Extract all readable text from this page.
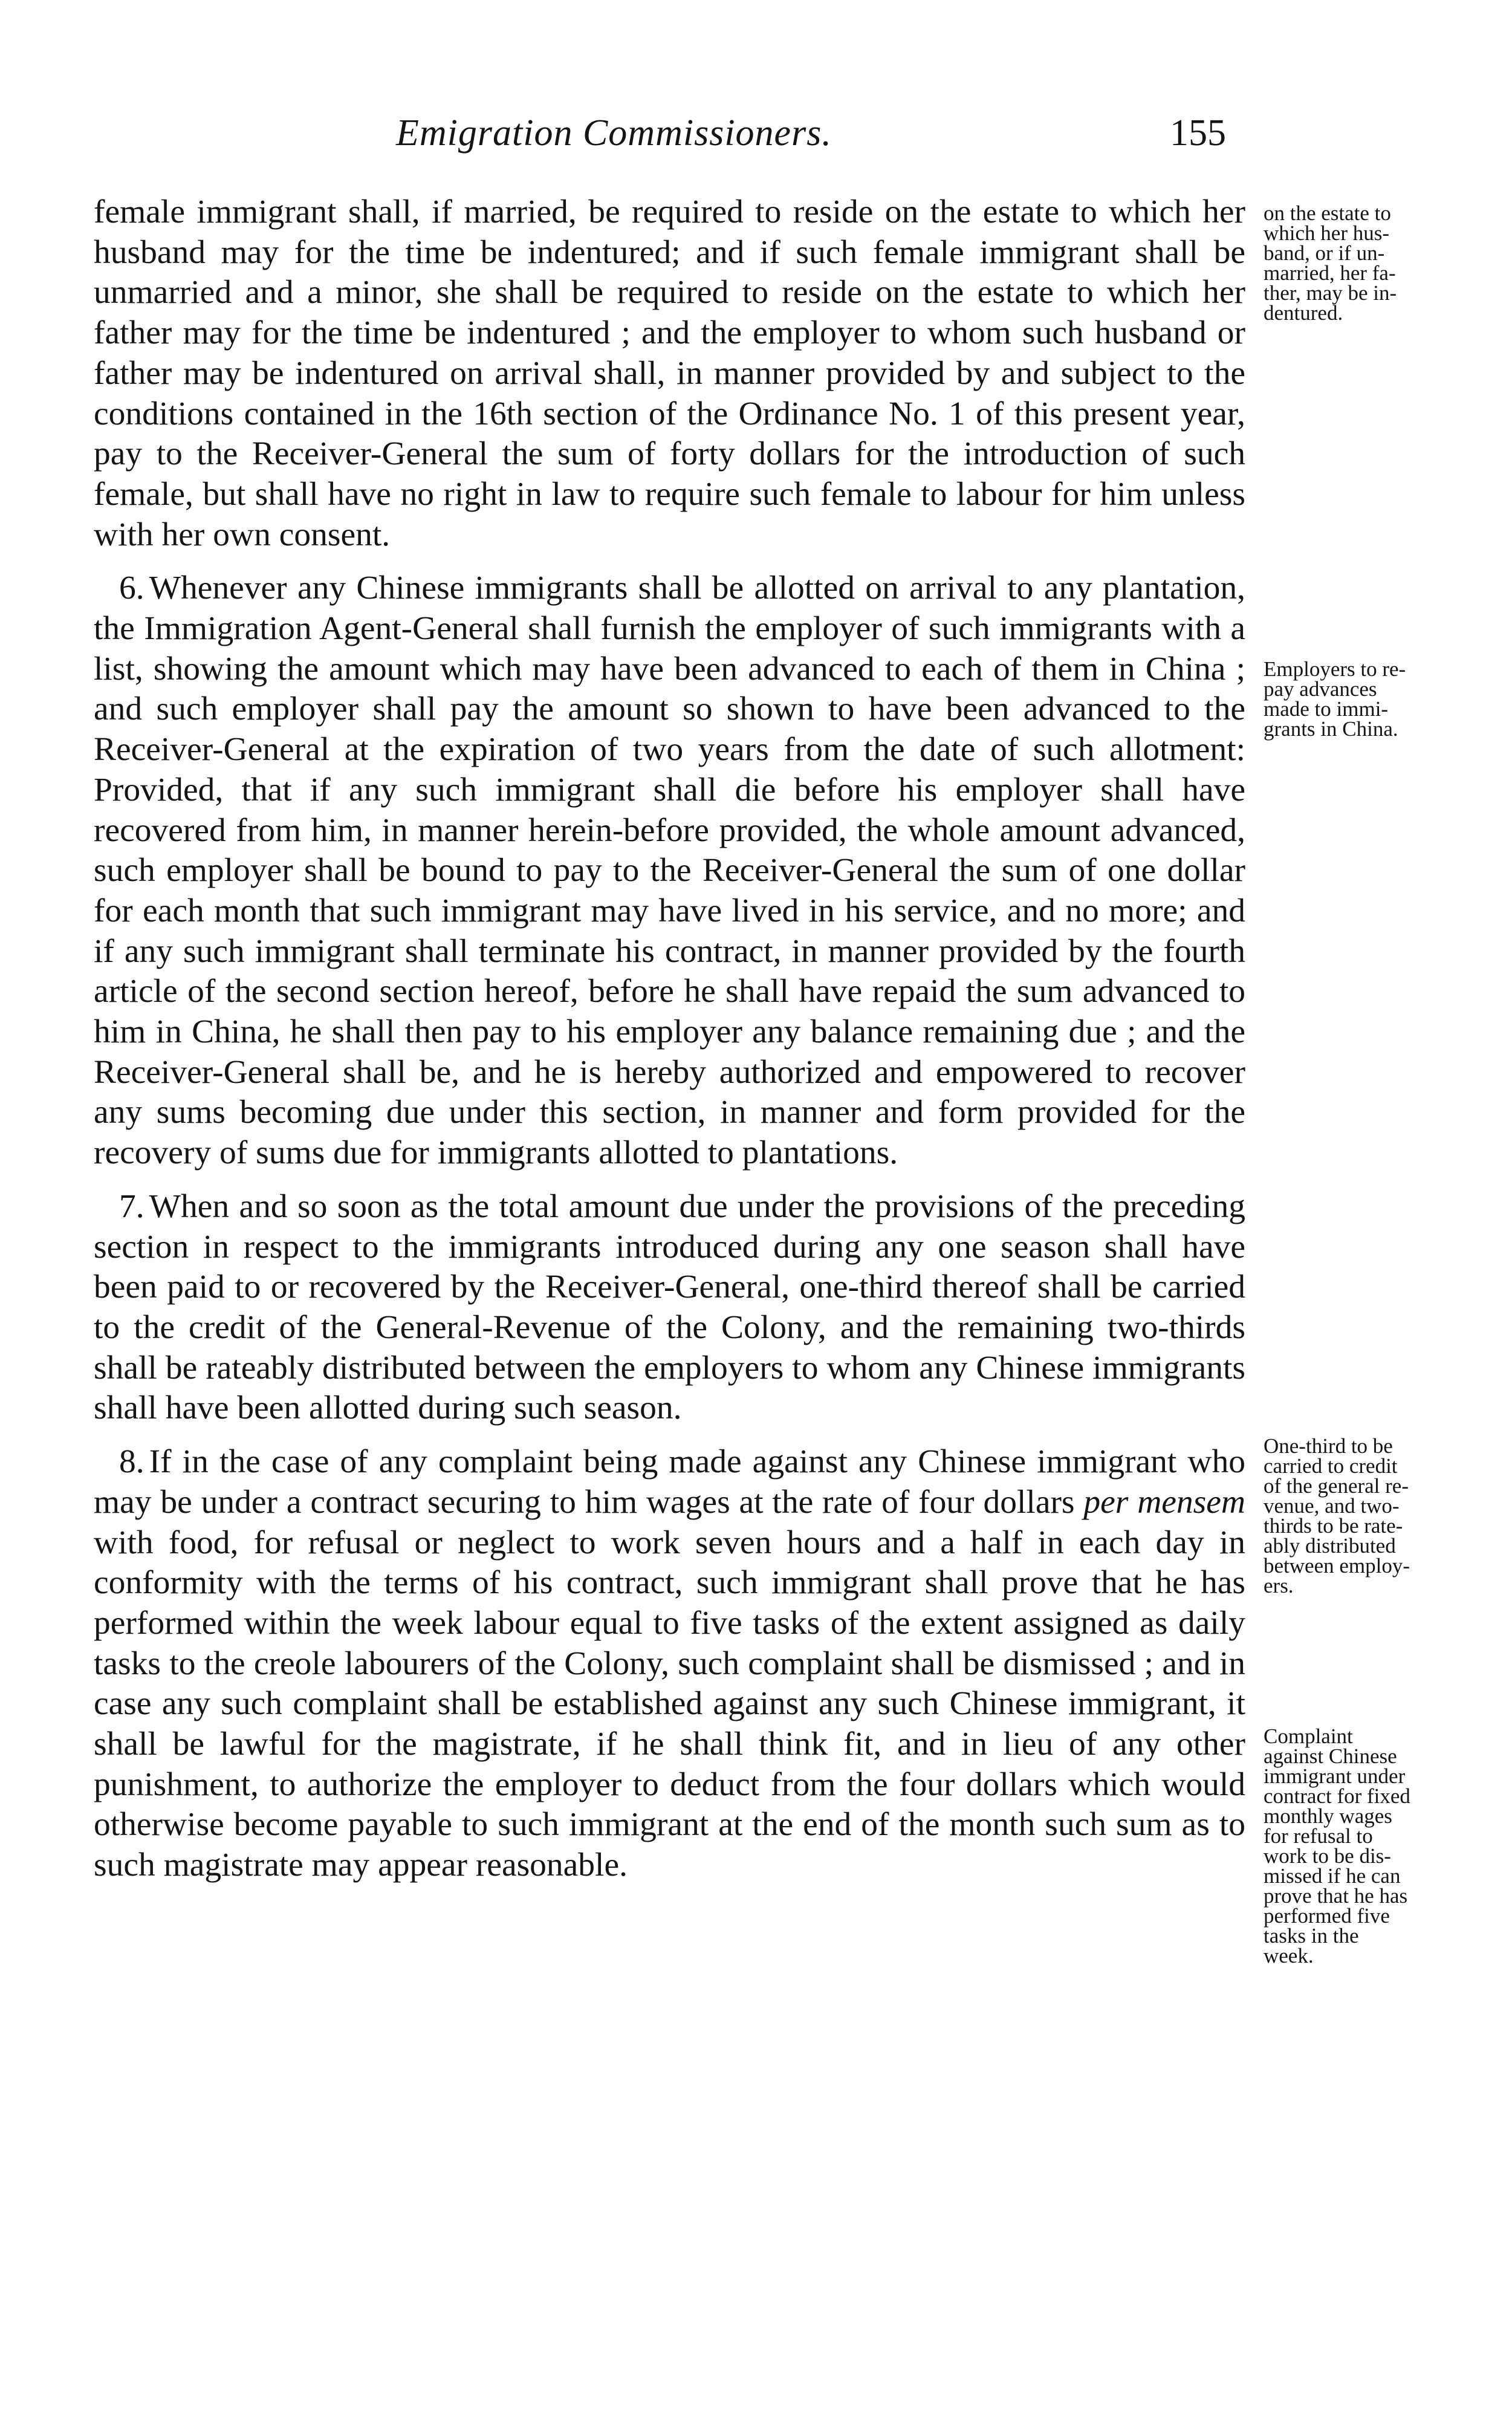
Emigration Commissioners.	155

female immigrant shall, if married, be required to reside on the estate to which her husband may for the time be indentured; and if such female immigrant shall be unmarried and a minor, she shall be required to reside on the estate to which her father may for the time be indentured ; and the employer to whom such husband or father may be indentured on arrival shall, in manner provided by and subject to the conditions contained in the 16th section of the Ordinance No. 1 of this present year, pay to the Receiver-General the sum of forty dollars for the introduction of such female, but shall have no right in law to require such female to labour for him unless with her own consent.

6. Whenever any Chinese immigrants shall be allotted on arrival to any plantation, the Immigration Agent-General shall furnish the employer of such immigrants with a list, showing the amount which may have been advanced to each of them in China ; and such employer shall pay the amount so shown to have been advanced to the Receiver-General at the expiration of two years from the date of such allotment: Provided, that if any such immigrant shall die before his employer shall have recovered from him, in manner herein-before provided, the whole amount advanced, such employer shall be bound to pay to the Receiver-General the sum of one dollar for each month that such immigrant may have lived in his service, and no more; and if any such immigrant shall terminate his contract, in manner provided by the fourth article of the second section hereof, before he shall have repaid the sum advanced to him in China, he shall then pay to his employer any balance remaining due ; and the Receiver-General shall be, and he is hereby authorized and empowered to recover any sums becoming due under this section, in manner and form provided for the recovery of sums due for immigrants allotted to plantations.

7. When and so soon as the total amount due under the provisions of the preceding section in respect to the immigrants introduced during any one season shall have been paid to or recovered by the Receiver-General, one-third thereof shall be carried to the credit of the General-Revenue of the Colony, and the remaining two-thirds shall be rateably distributed between the employers to whom any Chinese immigrants shall have been allotted during such season.

8. If in the case of any complaint being made against any Chinese immigrant who may be under a contract securing to him wages at the rate of four dollars per mensem with food, for refusal or neglect to work seven hours and a half in each day in conformity with the terms of his contract, such immigrant shall prove that he has performed within the week labour equal to five tasks of the extent assigned as daily tasks to the creole labourers of the Colony, such complaint shall be dismissed ; and in case any such complaint shall be established against any such Chinese immigrant, it shall be lawful for the magistrate, if he shall think fit, and in lieu of any other punishment, to authorize the employer to deduct from the four dollars which would otherwise become payable to such immigrant at the end of the month such sum as to such magistrate may appear reasonable.

on the estate to
which her hus-
band, or if un-
married, her fa-
ther, may be in-
dentured.
Employers to re-
pay advances
made to immi-
grants in China.
One-third to be
carried to credit
of the general re-
venue, and two-
thirds to be rate-
ably distributed
between employ-
ers.
Complaint
against Chinese
immigrant under
contract for fixed
monthly wages
for refusal to
work to be dis-
missed if he can
prove that he has
performed five
tasks in the
week.
